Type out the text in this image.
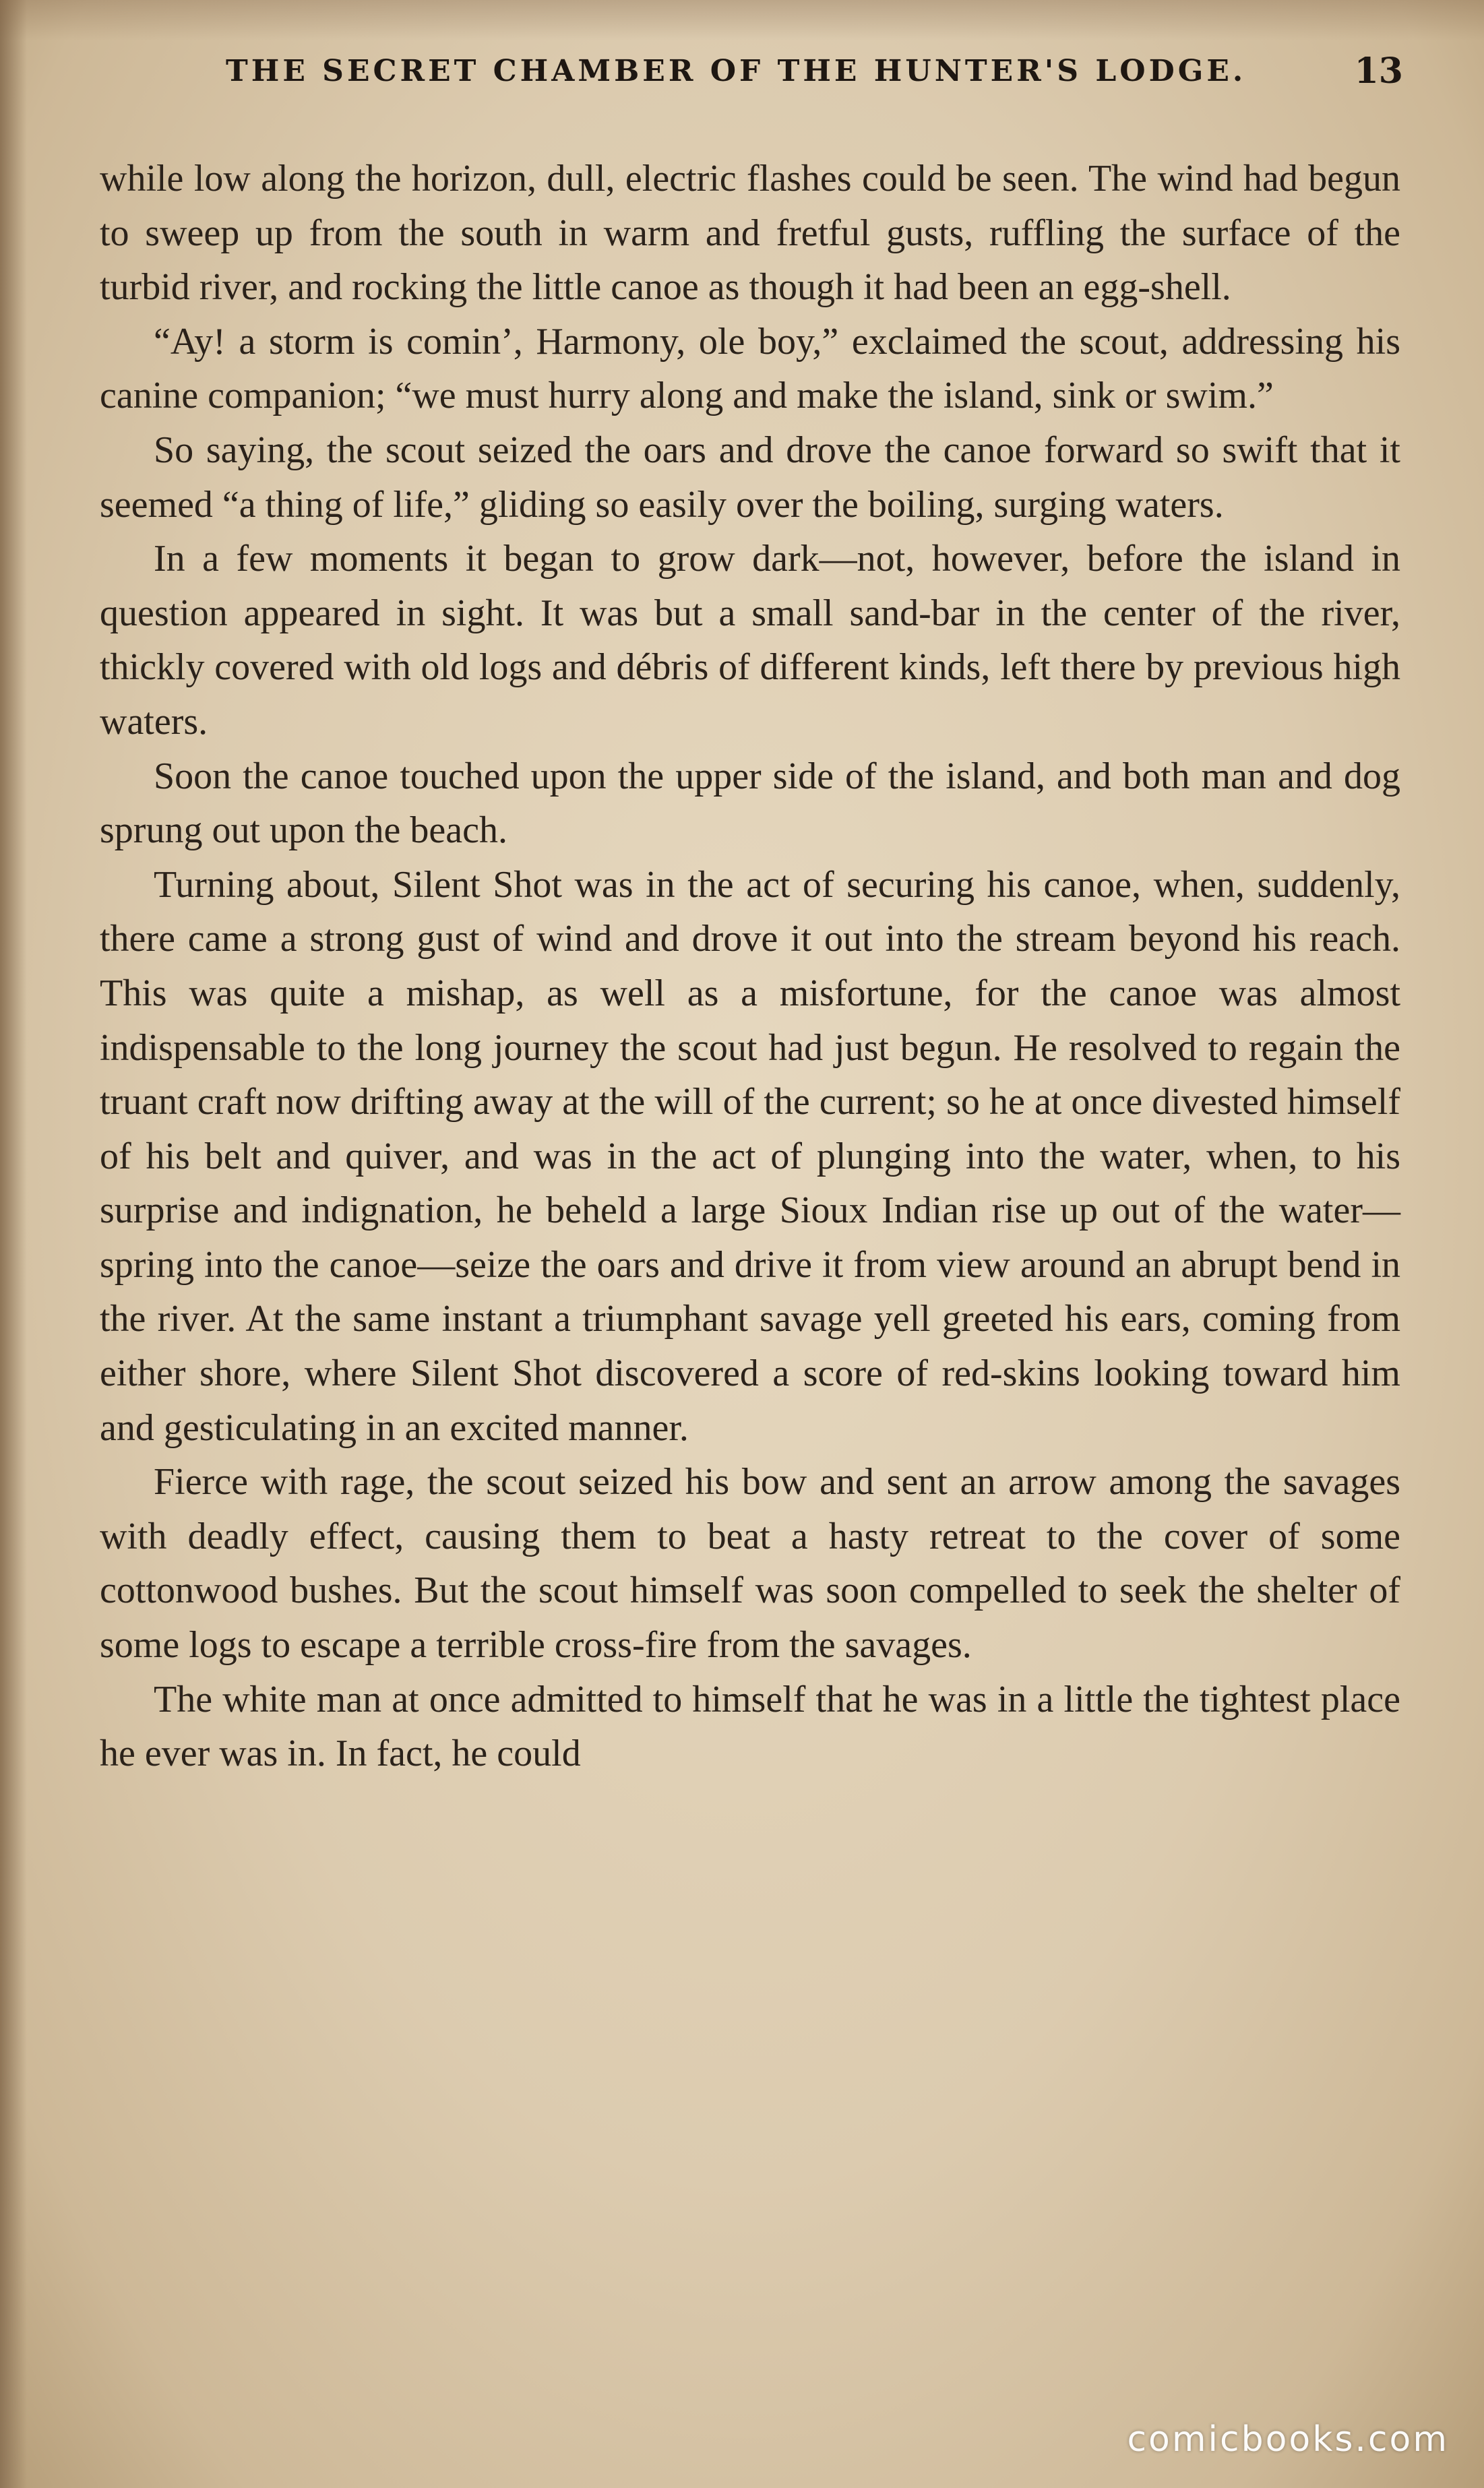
THE SECRET CHAMBER OF THE HUNTER'S LODGE.	13

while low along the horizon, dull, electric flashes could be seen. The wind had begun to sweep up from the south in warm and fretful gusts, ruffling the surface of the turbid river, and rocking the little canoe as though it had been an egg-shell.

“Ay! a storm is comin’, Harmony, ole boy,” exclaimed the scout, addressing his canine companion; “we must hurry along and make the island, sink or swim.”

So saying, the scout seized the oars and drove the canoe forward so swift that it seemed “a thing of life,” gliding so easily over the boiling, surging waters.

In a few moments it began to grow dark—not, however, before the island in question appeared in sight. It was but a small sand-bar in the center of the river, thickly covered with old logs and débris of different kinds, left there by previous high waters.

Soon the canoe touched upon the upper side of the island, and both man and dog sprung out upon the beach.

Turning about, Silent Shot was in the act of securing his canoe, when, suddenly, there came a strong gust of wind and drove it out into the stream beyond his reach. This was quite a mishap, as well as a misfortune, for the canoe was almost indispensable to the long journey the scout had just begun. He resolved to regain the truant craft now drifting away at the will of the current; so he at once divested himself of his belt and quiver, and was in the act of plunging into the water, when, to his surprise and indignation, he beheld a large Sioux Indian rise up out of the water—spring into the canoe—seize the oars and drive it from view around an abrupt bend in the river. At the same instant a triumphant savage yell greeted his ears, coming from either shore, where Silent Shot discovered a score of red-skins looking toward him and gesticulating in an excited manner.

Fierce with rage, the scout seized his bow and sent an arrow among the savages with deadly effect, causing them to beat a hasty retreat to the cover of some cottonwood bushes. But the scout himself was soon compelled to seek the shelter of some logs to escape a terrible cross-fire from the savages.

The white man at once admitted to himself that he was in a little the tightest place he ever was in. In fact, he could

comicbooks.com
